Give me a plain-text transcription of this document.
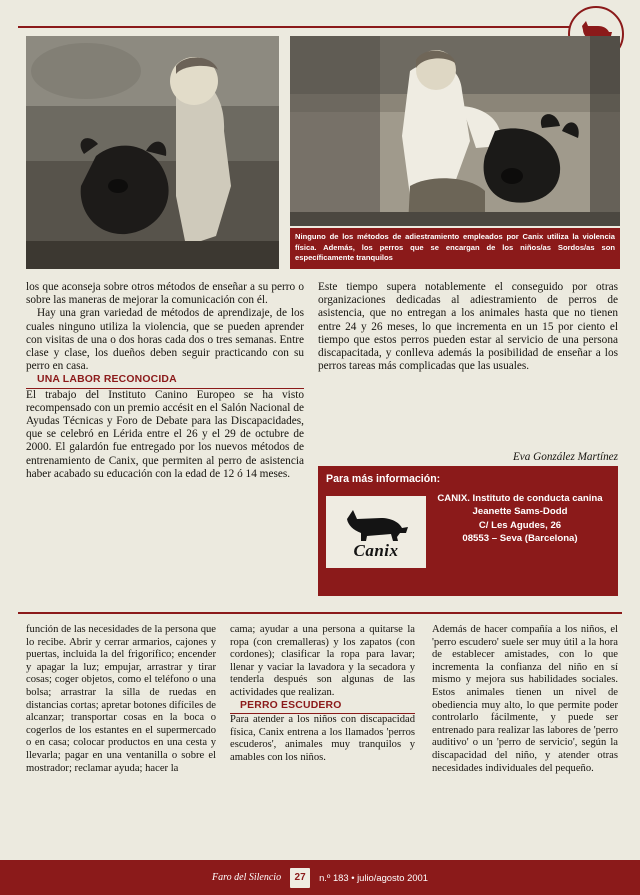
Ninguno de los métodos de adiestramiento empleados por Canix utiliza la violencia física. Además, los perros que se encargan de los niños/as Sordos/as son específicamente tranquilos

los que aconseja sobre otros métodos de enseñar a su perro o sobre las maneras de mejorar la comunicación con él.

Hay una gran variedad de métodos de aprendizaje, de los cuales ninguno utiliza la violencia, que se pueden aprender con visitas de una o dos horas cada dos o tres semanas. Entre clase y clase, los dueños deben seguir practicando con su perro en casa.

UNA LABOR RECONOCIDA

El trabajo del Instituto Canino Europeo se ha visto recompensado con un premio accésit en el Salón Nacional de Ayudas Técnicas y Foro de Debate para las Discapacidades, que se celebró en Lérida entre el 26 y el 29 de octubre de 2000. El galardón fue entregado por los nuevos métodos de entrenamiento de Canix, que permiten al perro de asistencia haber acabado su educación con la edad de 12 ó 14 meses.

Este tiempo supera notablemente el conseguido por otras organizaciones dedicadas al adiestramiento de perros de asistencia, que no entregan a los animales hasta que no tienen entre 24 y 26 meses, lo que incrementa en un 15 por ciento el tiempo que estos perros pueden estar al servicio de una persona discapacitada, y conlleva además la posibilidad de enseñar a los perros tareas más complicadas que las usuales.

Eva González Martínez
Para más información:
Canix
CANIX. Instituto de conducta canina
Jeanette Sams-Dodd
C/ Les Agudes, 26
08553 – Seva (Barcelona)

función de las necesidades de la persona que lo recibe. Abrir y cerrar armarios, cajones y puertas, incluida la del frigorífico; encender y apagar la luz; empujar, arrastrar y tirar cosas; coger objetos, como el teléfono o una bolsa; arrastrar la silla de ruedas en distancias cortas; apretar botones difíciles de alcanzar; transportar cosas en la boca o cogerlos de los estantes en el supermercado o en casa; colocar productos en una cesta y llevarla; pagar en una ventanilla o sobre el mostrador; reclamar ayuda; hacer la

cama; ayudar a una persona a quitarse la ropa (con cremalleras) y los zapatos (con cordones); clasificar la ropa para lavar; llenar y vaciar la lavadora y la secadora y tenderla después son algunas de las actividades que realizan.

PERRO ESCUDERO

Para atender a los niños con discapacidad física, Canix entrena a los llamados 'perros escuderos', animales muy tranquilos y amables con los niños.

Además de hacer compañía a los niños, el 'perro escudero' suele ser muy útil a la hora de establecer amistades, con lo que incrementa la confianza del niño en sí mismo y mejora sus habilidades sociales. Estos animales tienen un nivel de obediencia muy alto, lo que permite poder controlarlo fácilmente, y puede ser entrenado para realizar las labores de 'perro auditivo' o un 'perro de servicio', según la discapacidad del niño, y atender otras necesidades individuales del pequeño.

Faro del Silencio	27	n.º 183 • julio/agosto 2001
